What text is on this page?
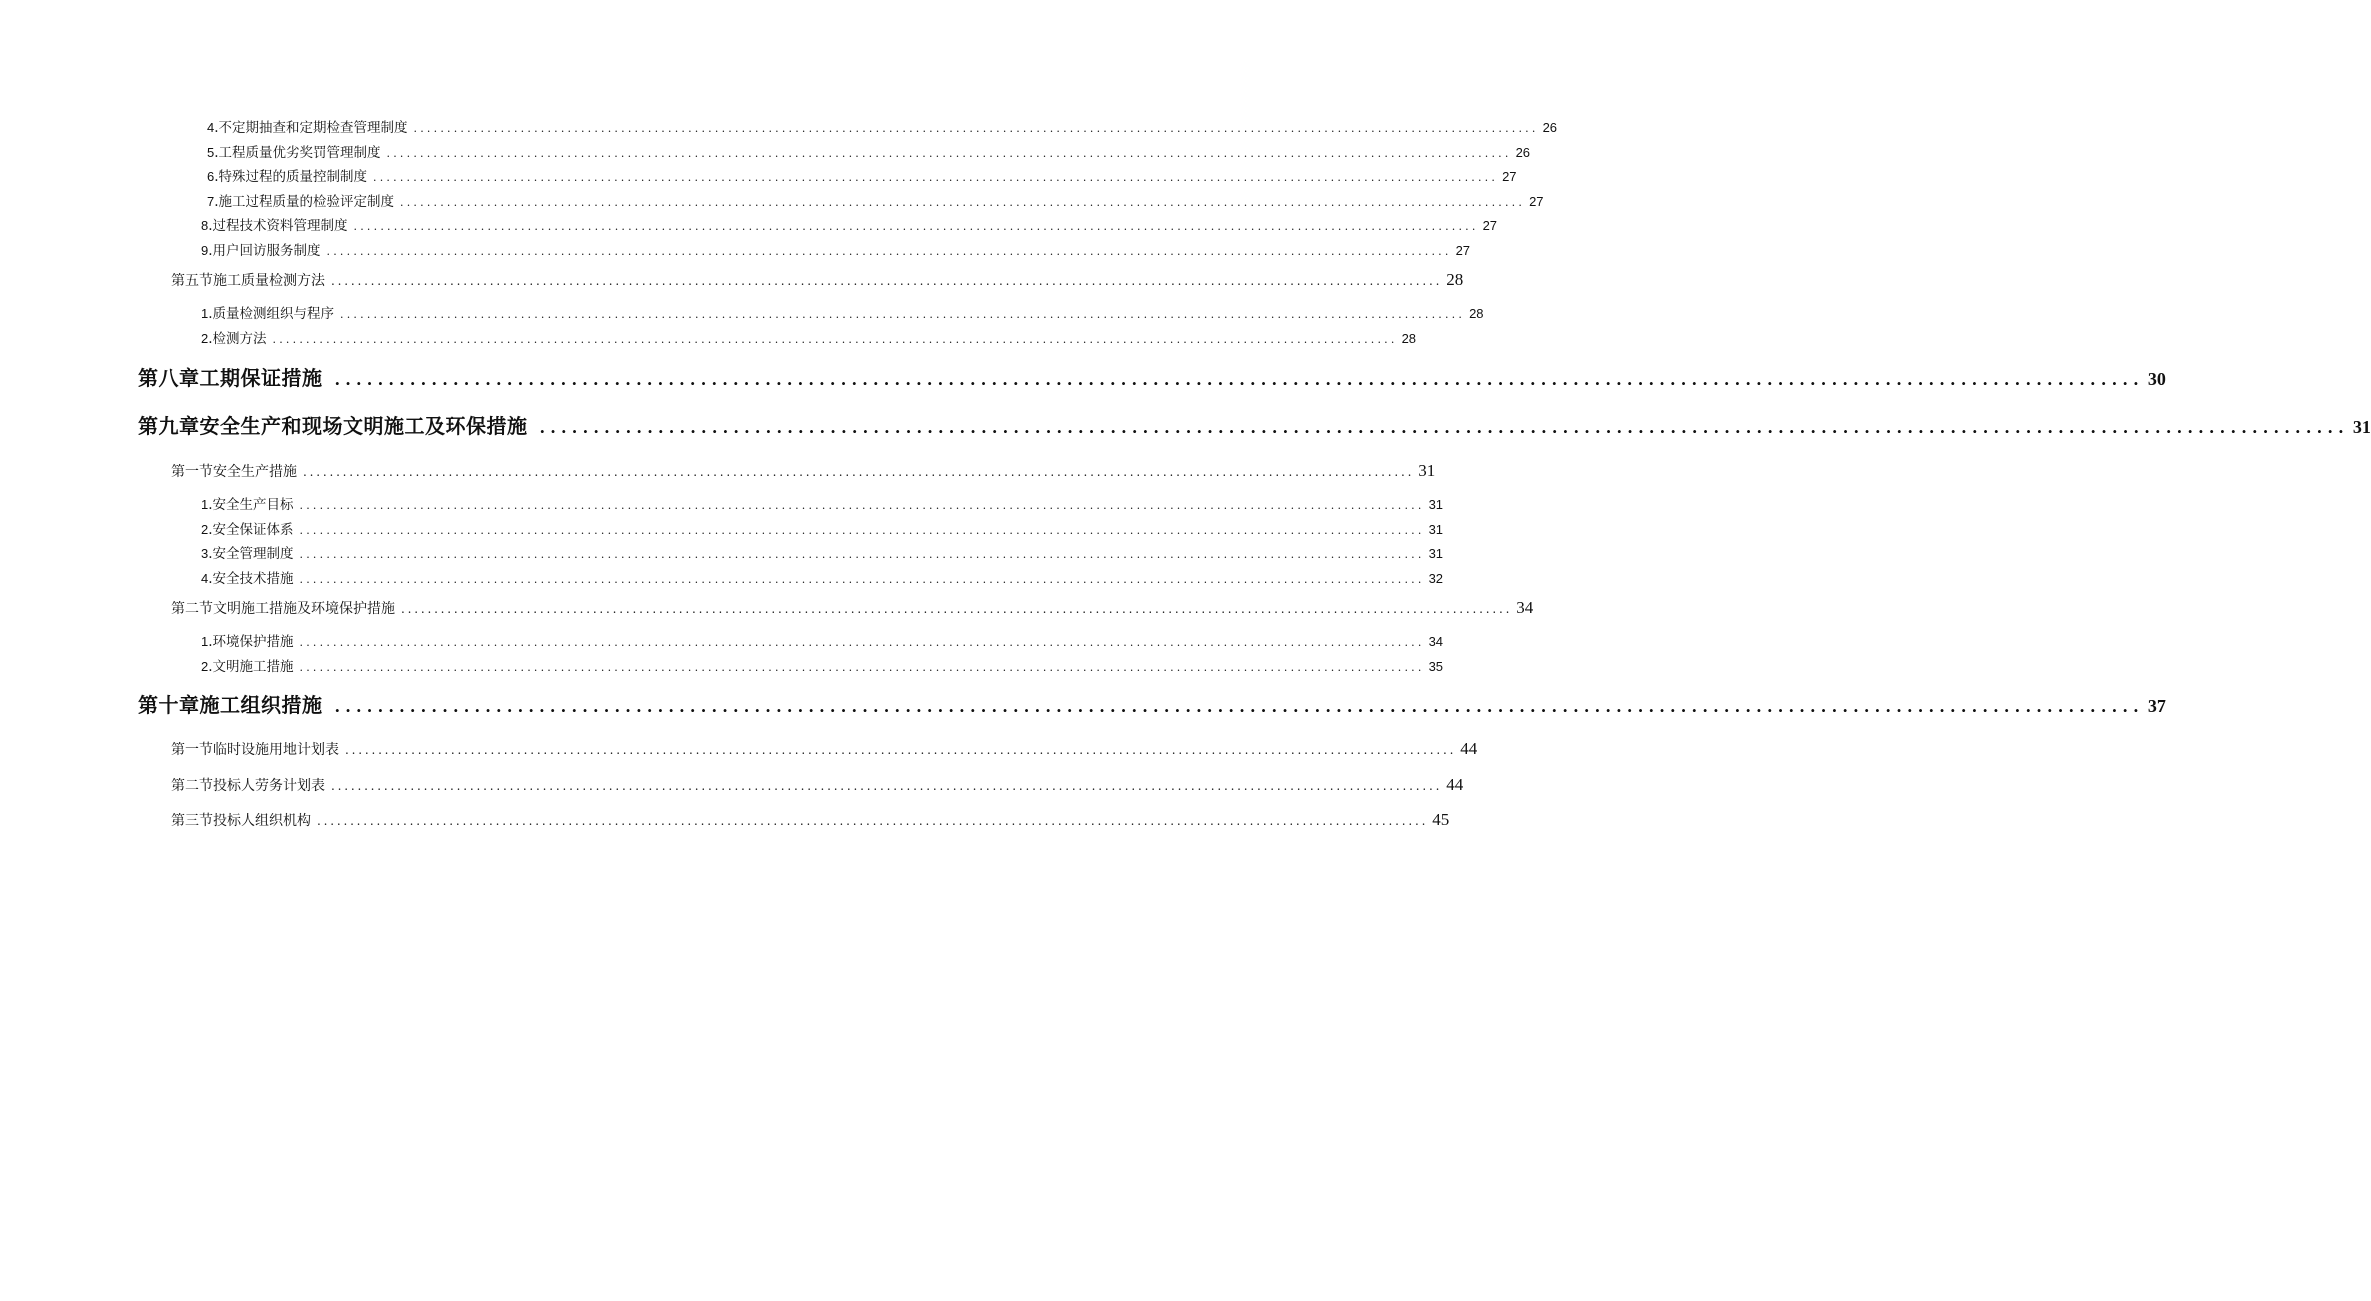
4 .不定期抽查和定期检查管理制度 ........................................................................................................................................................................ 26
5 .工程质量优劣奖罚管理制度 ........................................................................................................................................................................ 26
6 .特殊过程的质量控制制度 ........................................................................................................................................................................ 27
7 .施工过程质量的检验评定制度 ........................................................................................................................................................................ 27
8 .过程技术资料管理制度 ........................................................................................................................................................................ 27
9 .用户回访服务制度 ........................................................................................................................................................................ 27
第五节施工质量检测方法 ........................................................................................................................................................................ 28
1 .质量检测组织与程序 ........................................................................................................................................................................ 28
2 .检测方法 ........................................................................................................................................................................ 28
第八章工期保证措施 ........................................................................................................................................................................ 30
第九章安全生产和现场文明施工及环保措施 ........................................................................................................................................................................ 31
第一节安全生产措施 ........................................................................................................................................................................ 31
1 .安全生产目标 ........................................................................................................................................................................ 31
2 .安全保证体系 ........................................................................................................................................................................ 31
3 .安全管理制度 ........................................................................................................................................................................ 31
4 .安全技术措施 ........................................................................................................................................................................ 32
第二节文明施工措施及环境保护措施 ........................................................................................................................................................................ 34
1 .环境保护措施 ........................................................................................................................................................................ 34
2 .文明施工措施 ........................................................................................................................................................................ 35
第十章施工组织措施 ........................................................................................................................................................................ 37
第一节临时设施用地计划表 ........................................................................................................................................................................ 44
第二节投标人劳务计划表 ........................................................................................................................................................................ 44
第三节投标人组织机构 ........................................................................................................................................................................ 45
